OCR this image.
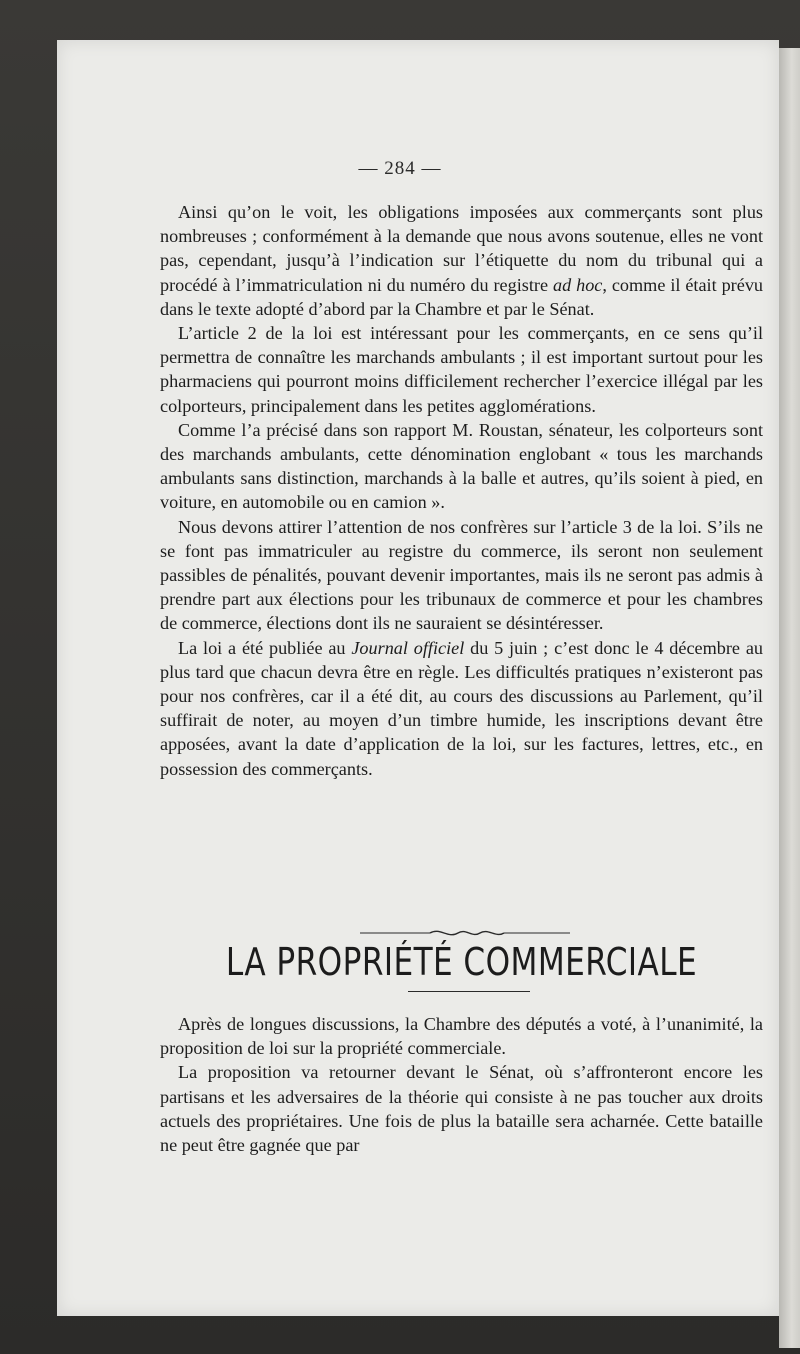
— 284 —

Ainsi qu’on le voit, les obligations imposées aux commerçants sont plus nombreuses ; conformément à la demande que nous avons soutenue, elles ne vont pas, cependant, jusqu’à l’indication sur l’étiquette du nom du tribunal qui a procédé à l’immatriculation ni du numéro du registre ad hoc, comme il était prévu dans le texte adopté d’abord par la Chambre et par le Sénat.

L’article 2 de la loi est intéressant pour les commerçants, en ce sens qu’il permettra de connaître les marchands ambulants ; il est important surtout pour les pharmaciens qui pourront moins difficilement rechercher l’exercice illégal par les colporteurs, principalement dans les petites agglomérations.

Comme l’a précisé dans son rapport M. Roustan, sénateur, les colporteurs sont des marchands ambulants, cette dénomination englobant « tous les marchands ambulants sans distinction, marchands à la balle et autres, qu’ils soient à pied, en voiture, en automobile ou en camion ».

Nous devons attirer l’attention de nos confrères sur l’article 3 de la loi. S’ils ne se font pas immatriculer au registre du commerce, ils seront non seulement passibles de pénalités, pouvant devenir importantes, mais ils ne seront pas admis à prendre part aux élections pour les tribunaux de commerce et pour les chambres de commerce, élections dont ils ne sauraient se désintéresser.

La loi a été publiée au Journal officiel du 5 juin ; c’est donc le 4 décembre au plus tard que chacun devra être en règle. Les difficultés pratiques n’existeront pas pour nos confrères, car il a été dit, au cours des discussions au Parlement, qu’il suffirait de noter, au moyen d’un timbre humide, les inscriptions devant être apposées, avant la date d’application de la loi, sur les factures, lettres, etc., en possession des commerçants.

LA PROPRIÉTÉ COMMERCIALE

Après de longues discussions, la Chambre des députés a voté, à l’unanimité, la proposition de loi sur la propriété commerciale.

La proposition va retourner devant le Sénat, où s’affronteront encore les partisans et les adversaires de la théorie qui consiste à ne pas toucher aux droits actuels des propriétaires. Une fois de plus la bataille sera acharnée. Cette bataille ne peut être gagnée que par
